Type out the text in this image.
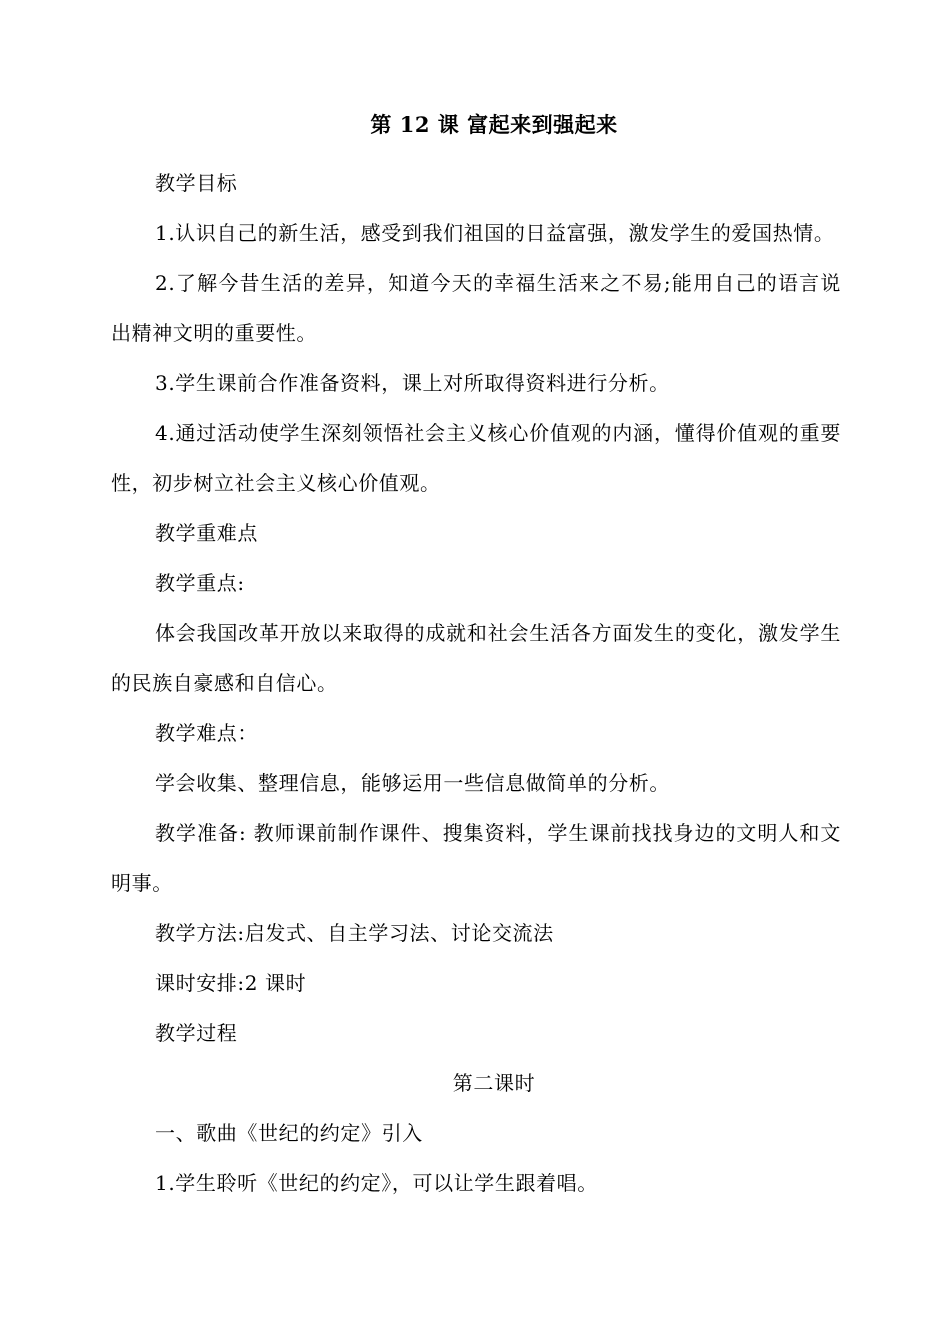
第 12 课 富起来到强起来

教学目标

1.认识自己的新生活，感受到我们祖国的日益富强，激发学生的爱国热情。

2.了解今昔生活的差异，知道今天的幸福生活来之不易;能用自己的语言说出精神文明的重要性。

3.学生课前合作准备资料，课上对所取得资料进行分析。

4.通过活动使学生深刻领悟社会主义核心价值观的内涵，懂得价值观的重要性，初步树立社会主义核心价值观。

教学重难点

教学重点:

体会我国改革开放以来取得的成就和社会生活各方面发生的变化，激发学生的民族自豪感和自信心。

教学难点：

学会收集、整理信息，能够运用一些信息做简单的分析。

教学准备: 教师课前制作课件、搜集资料，学生课前找找身边的文明人和文明事。

教学方法:启发式、自主学习法、讨论交流法

课时安排:2 课时

教学过程

第二课时

一、歌曲《世纪的约定》引入

1.学生聆听《世纪的约定》，可以让学生跟着唱。
